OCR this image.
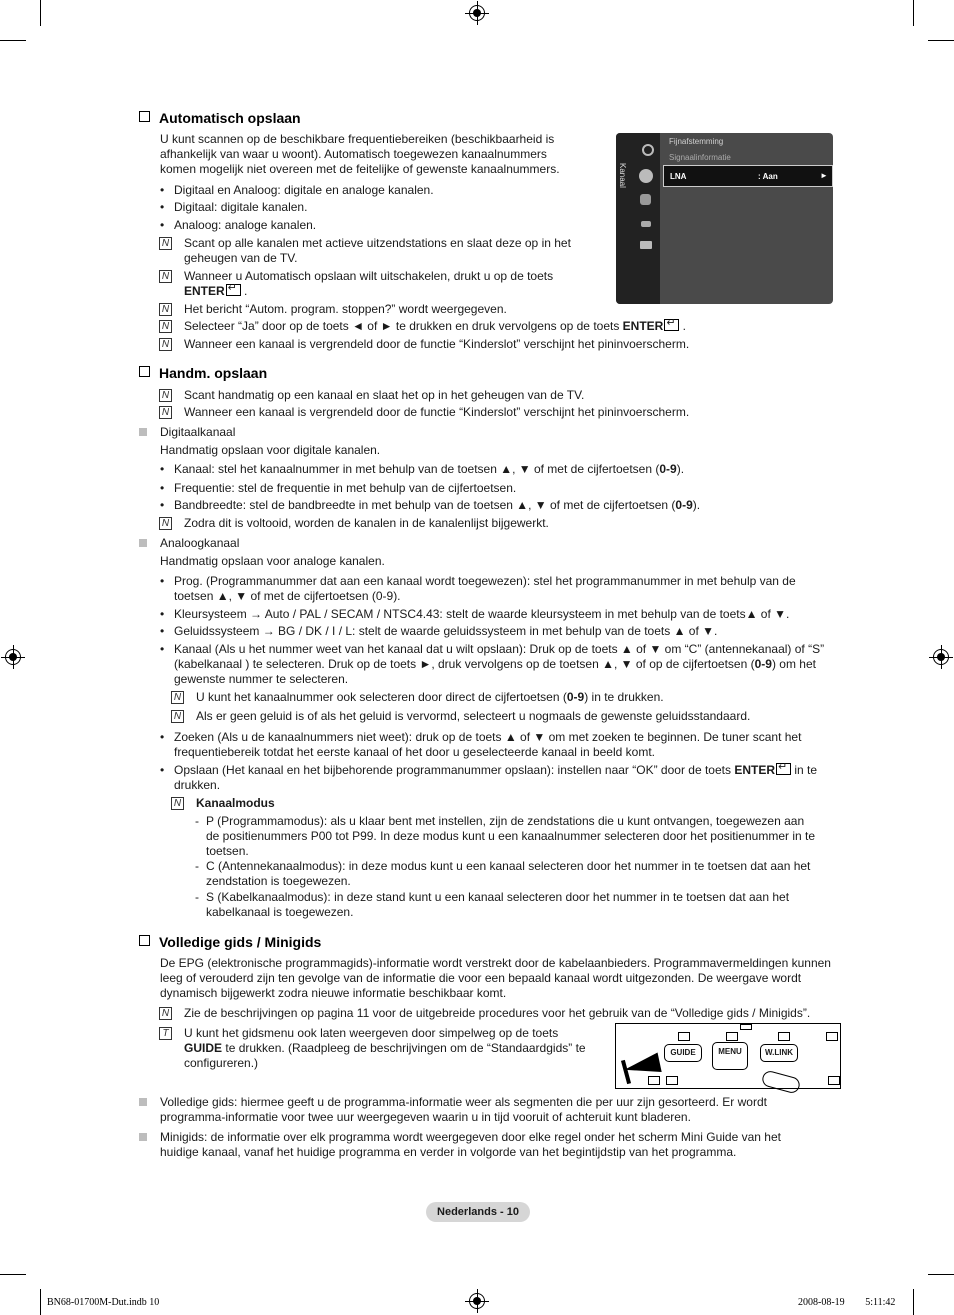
Automatisch opslaan
U kunt scannen op de beschikbare frequentiebereiken (beschikbaarheid is
afhankelijk van waar u woont). Automatisch toegewezen kanaalnummers
komen mogelijk niet overeen met de feitelijke of gewenste kanaalnummers.
• Digitaal en Analoog: digitale en analoge kanalen.
• Digitaal: digitale kanalen.
• Analoog: analoge kanalen.
N Scant op alle kanalen met actieve uitzendstations en slaat deze op in het
geheugen van de TV.
N Wanneer u Automatisch opslaan wilt uitschakelen, drukt u op de toets
ENTER↵ .
N Het bericht “Autom. program. stoppen?” wordt weergegeven.
N Selecteer “Ja” door op de toets ◄ of ► te drukken en druk vervolgens op de toets ENTER↵ .
N Wanneer een kanaal is vergrendeld door de functie “Kinderslot” verschijnt het pininvoerscherm.
Kanaal
Fijnafstemming
Signaalinformatie
LNA	: Aan	►
Handm. opslaan
N Scant handmatig op een kanaal en slaat het op in het geheugen van de TV.
N Wanneer een kanaal is vergrendeld door de functie “Kinderslot” verschijnt het pininvoerscherm.
Digitaalkanaal
Handmatig opslaan voor digitale kanalen.
• Kanaal: stel het kanaalnummer in met behulp van de toetsen ▲, ▼ of met de cijfertoetsen (0-9).
• Frequentie: stel de frequentie in met behulp van de cijfertoetsen.
• Bandbreedte: stel de bandbreedte in met behulp van de toetsen ▲, ▼ of met de cijfertoetsen (0-9).
N Zodra dit is voltooid, worden de kanalen in de kanalenlijst bijgewerkt.
Analoogkanaal
Handmatig opslaan voor analoge kanalen.
• Prog. (Programmanummer dat aan een kanaal wordt toegewezen): stel het programmanummer in met behulp van de
toetsen ▲, ▼ of met de cijfertoetsen (0-9).
• Kleursysteem → Auto / PAL / SECAM / NTSC4.43: stelt de waarde kleursysteem in met behulp van de toets▲ of ▼.
• Geluidssysteem → BG / DK / I / L: stelt de waarde geluidssysteem in met behulp van de toets ▲ of ▼.
• Kanaal (Als u het nummer weet van het kanaal dat u wilt opslaan): Druk op de toets ▲ of ▼ om “C” (antennekanaal) of “S”
(kabelkanaal ) te selecteren. Druk op de toets ►, druk vervolgens op de toetsen ▲, ▼ of op de cijfertoetsen (0-9) om het
gewenste nummer te selecteren.
N U kunt het kanaalnummer ook selecteren door direct de cijfertoetsen (0-9) in te drukken.
N Als er geen geluid is of als het geluid is vervormd, selecteert u nogmaals de gewenste geluidsstandaard.
• Zoeken (Als u de kanaalnummers niet weet): druk op de toets ▲ of ▼ om met zoeken te beginnen. De tuner scant het
frequentiebereik totdat het eerste kanaal of het door u geselecteerde kanaal in beeld komt.
• Opslaan (Het kanaal en het bijbehorende programmanummer opslaan): instellen naar “OK” door de toets ENTER↵ in te
drukken.
N Kanaalmodus
- P (Programmamodus): als u klaar bent met instellen, zijn de zendstations die u kunt ontvangen, toegewezen aan
de positienummers P00 tot P99. In deze modus kunt u een kanaalnummer selecteren door het positienummer in te
toetsen.
- C (Antennekanaalmodus): in deze modus kunt u een kanaal selecteren door het nummer in te toetsen dat aan het
zendstation is toegewezen.
- S (Kabelkanaalmodus): in deze stand kunt u een kanaal selecteren door het nummer in te toetsen dat aan het
kabelkanaal is toegewezen.
Volledige gids / Minigids
De EPG (elektronische programmagids)-informatie wordt verstrekt door de kabelaanbieders. Programmavermeldingen kunnen
leeg of verouderd zijn ten gevolge van de informatie die voor een bepaald kanaal wordt uitgezonden. De weergave wordt
dynamisch bijgewerkt zodra nieuwe informatie beschikbaar komt.
N Zie de beschrijvingen op pagina 11 voor de uitgebreide procedures voor het gebruik van de “Volledige gids / Minigids”.
T U kunt het gidsmenu ook laten weergeven door simpelweg op de toets
GUIDE te drukken. (Raadpleeg de beschrijvingen om de “Standaardgids” te
configureren.)
GUIDE	MENU	W.LINK
Volledige gids: hiermee geeft u de programma-informatie weer als segmenten die per uur zijn gesorteerd. Er wordt
programma-informatie voor twee uur weergegeven waarin u in tijd vooruit of achteruit kunt bladeren.
Minigids: de informatie over elk programma wordt weergegeven door elke regel onder het scherm Mini Guide van het
huidige kanaal, vanaf het huidige programma en verder in volgorde van het begintijdstip van het programma.
Nederlands - 10
BN68-01700M-Dut.indb 10	2008-08-19 ￿￿ 5:11:42
